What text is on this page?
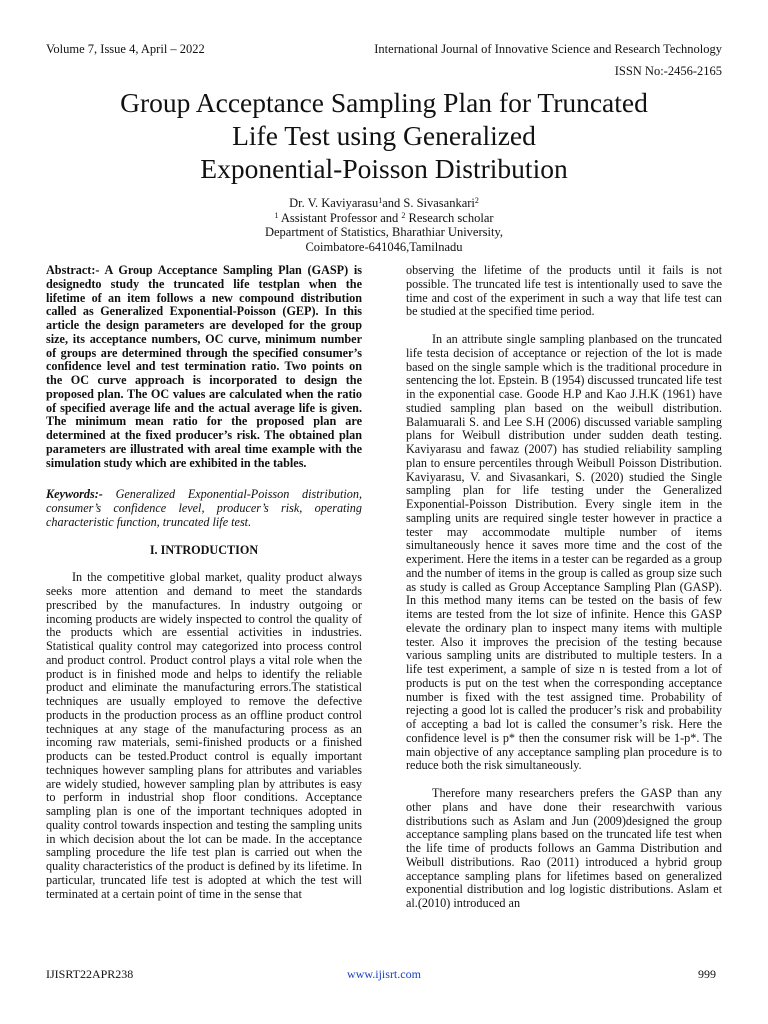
Volume 7, Issue 4, April – 2022	International Journal of Innovative Science and Research Technology
ISSN No:-2456-2165
Group Acceptance Sampling Plan for Truncated
Life Test using Generalized
Exponential-Poisson Distribution
Dr. V. Kaviyarasu$^1$and S. Sivasankari$^2$
$^1$ Assistant Professor and $^2$ Research scholar
Department of Statistics, Bharathiar University,
Coimbatore-641046,Tamilnadu

Abstract:- A Group Acceptance Sampling Plan (GASP) is designedto study the truncated life testplan when the lifetime of an item follows a new compound distribution called as Generalized Exponential-Poisson (GEP). In this article the design parameters are developed for the group size, its acceptance numbers, OC curve, minimum number of groups are determined through the specified consumer’s confidence level and test termination ratio. Two points on the OC curve approach is incorporated to design the proposed plan. The OC values are calculated when the ratio of specified average life and the actual average life is given. The minimum mean ratio for the proposed plan are determined at the fixed producer’s risk. The obtained plan parameters are illustrated with areal time example with the simulation study which are exhibited in the tables.

Keywords:- Generalized Exponential-Poisson distribution, consumer’s confidence level, producer’s risk, operating characteristic function, truncated life test.

I. INTRODUCTION

In the competitive global market, quality product always seeks more attention and demand to meet the standards prescribed by the manufactures. In industry outgoing or incoming products are widely inspected to control the quality of the products which are essential activities in industries. Statistical quality control may categorized into process control and product control. Product control plays a vital role when the product is in finished mode and helps to identify the reliable product and eliminate the manufacturing errors.The statistical techniques are usually employed to remove the defective products in the production process as an offline product control techniques at any stage of the manufacturing process as an incoming raw materials, semi-finished products or a finished products can be tested.Product control is equally important techniques however sampling plans for attributes and variables are widely studied, however sampling plan by attributes is easy to perform in industrial shop floor conditions. Acceptance sampling plan is one of the important techniques adopted in quality control towards inspection and testing the sampling units in which decision about the lot can be made. In the acceptance sampling procedure the life test plan is carried out when the quality characteristics of the product is defined by its lifetime. In particular, truncated life test is adopted at which the test will terminated at a certain point of time in the sense that

observing the lifetime of the products until it fails is not possible. The truncated life test is intentionally used to save the time and cost of the experiment in such a way that life test can be studied at the specified time period.

In an attribute single sampling planbased on the truncated life testa decision of acceptance or rejection of the lot is made based on the single sample which is the traditional procedure in sentencing the lot. Epstein. B (1954) discussed truncated life test in the exponential case. Goode H.P and Kao J.H.K (1961) have studied sampling plan based on the weibull distribution. Balamuarali S. and Lee S.H (2006) discussed variable sampling plans for Weibull distribution under sudden death testing. Kaviyarasu and fawaz (2007) has studied reliability sampling plan to ensure percentiles through Weibull Poisson Distribution. Kaviyarasu, V. and Sivasankari, S. (2020) studied the Single sampling plan for life testing under the Generalized Exponential-Poisson Distribution. Every single item in the sampling units are required single tester however in practice a tester may accommodate multiple number of items simultaneously hence it saves more time and the cost of the experiment. Here the items in a tester can be regarded as a group and the number of items in the group is called as group size such as study is called as Group Acceptance Sampling Plan (GASP). In this method many items can be tested on the basis of few items are tested from the lot size of infinite. Hence this GASP elevate the ordinary plan to inspect many items with multiple tester. Also it improves the precision of the testing because various sampling units are distributed to multiple testers. In a life test experiment, a sample of size n is tested from a lot of products is put on the test when the corresponding acceptance number is fixed with the test assigned time. Probability of rejecting a good lot is called the producer’s risk and probability of accepting a bad lot is called the consumer’s risk. Here the confidence level is p* then the consumer risk will be 1-p*. The main objective of any acceptance sampling plan procedure is to reduce both the risk simultaneously.

Therefore many researchers prefers the GASP than any other plans and have done their researchwith various distributions such as Aslam and Jun (2009)designed the group acceptance sampling plans based on the truncated life test when the life time of products follows an Gamma Distribution and Weibull distributions. Rao (2011) introduced a hybrid group acceptance sampling plans for lifetimes based on generalized exponential distribution and log logistic distributions. Aslam et al.(2010) introduced an

IJISRT22APR238	www.ijisrt.com	999
